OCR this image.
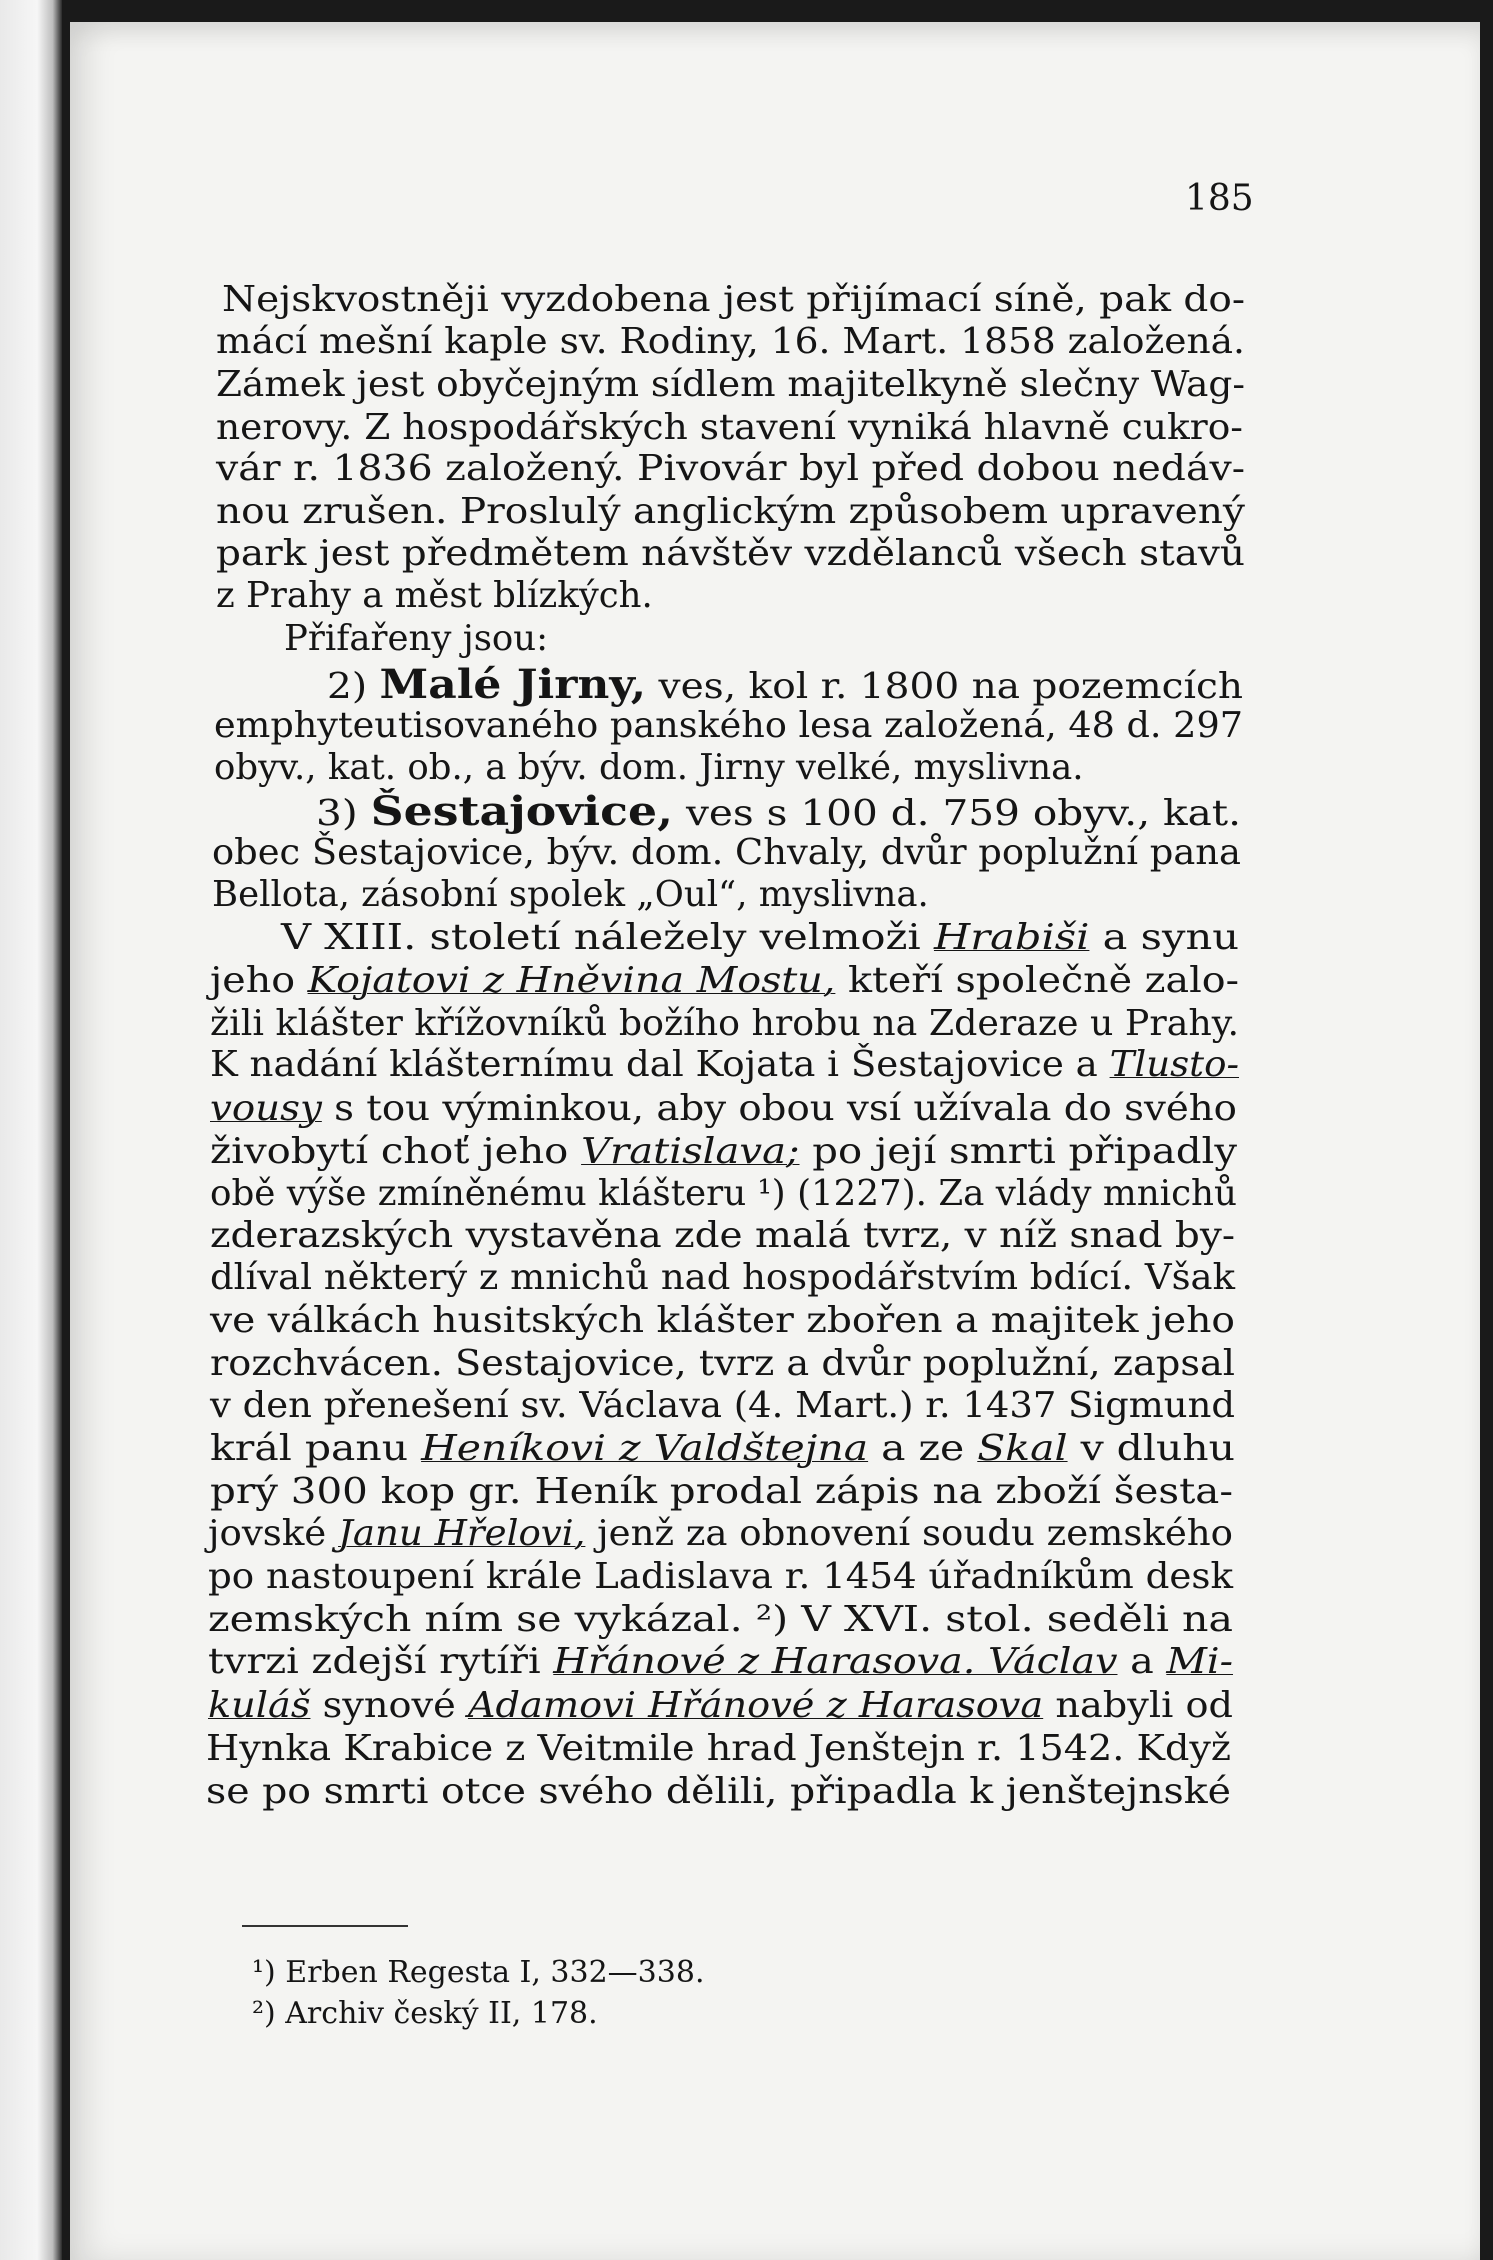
185
Nejskvostněji vyzdobena jest přijímací síně, pak do-
mácí mešní kaple sv. Rodiny, 16. Mart. 1858 založená.
Zámek jest obyčejným sídlem majitelkyně slečny Wag-
nerovy. Z hospodářských stavení vyniká hlavně cukro-
vár r. 1836 založený. Pivovár byl před dobou nedáv-
nou zrušen. Proslulý anglickým způsobem upravený
park jest předmětem návštěv vzdělanců všech stavů
z Prahy a měst blízkých.
Přifařeny jsou:
2) Malé Jirny, ves, kol r. 1800 na pozemcích
emphyteutisovaného panského lesa založená, 48 d. 297
obyv., kat. ob., a býv. dom. Jirny velké, myslivna.
3) Šestajovice, ves s 100 d. 759 obyv., kat.
obec Šestajovice, býv. dom. Chvaly, dvůr poplužní pana
Bellota, zásobní spolek „Oul“, myslivna.
V XIII. století náležely velmoži Hrabiši a synu
jeho Kojatovi z Hněvina Mostu, kteří společně zalo-
žili klášter křížovníků božího hrobu na Zderaze u Prahy.
K nadání klášternímu dal Kojata i Šestajovice a Tlusto-
vousy s tou výminkou, aby obou vsí užívala do svého
živobytí choť jeho Vratislava; po její smrti připadly
obě výše zmíněnému klášteru ¹) (1227). Za vlády mnichů
zderazských vystavěna zde malá tvrz, v níž snad by-
dlíval některý z mnichů nad hospodářstvím bdící. Však
ve válkách husitských klášter zbořen a majitek jeho
rozchvácen. Sestajovice, tvrz a dvůr poplužní, zapsal
v den přenešení sv. Václava (4. Mart.) r. 1437 Sigmund
král panu Heníkovi z Valdštejna a ze Skal v dluhu
prý 300 kop gr. Heník prodal zápis na zboží šesta-
jovské Janu Hřelovi, jenž za obnovení soudu zemského
po nastoupení krále Ladislava r. 1454 úřadníkům desk
zemských ním se vykázal. ²) V XVI. stol. seděli na
tvrzi zdejší rytíři Hřánové z Harasova. Václav a Mi-
kuláš synové Adamovi Hřánové z Harasova nabyli od
Hynka Krabice z Veitmile hrad Jenštejn r. 1542. Když
se po smrti otce svého dělili, připadla k jenštejnské
¹) Erben Regesta I, 332—338.
²) Archiv český II, 178.
